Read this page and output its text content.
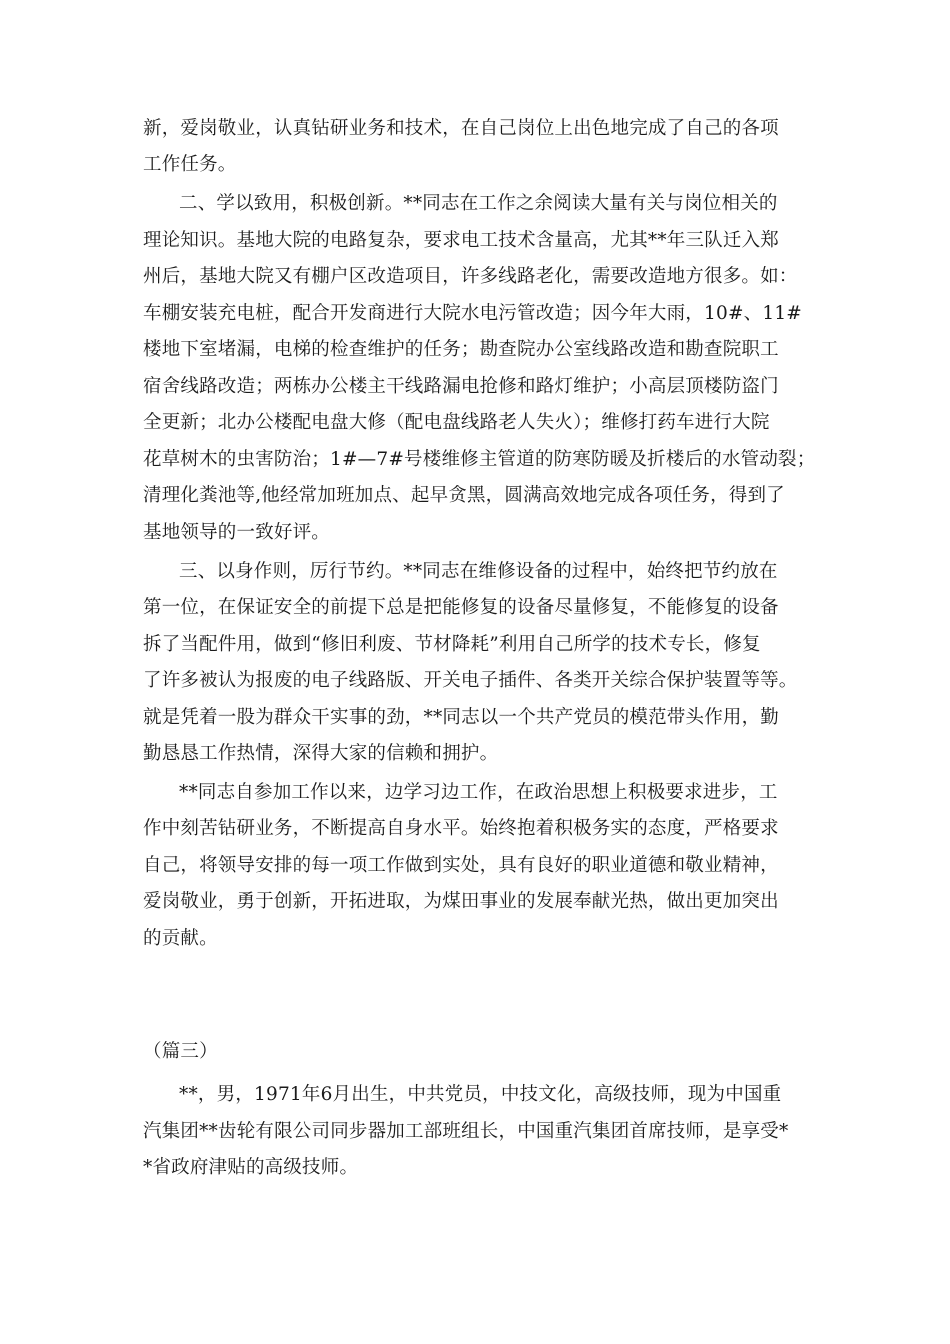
新，爱岗敬业，认真钻研业务和技术，在自己岗位上出色地完成了自己的各项
工作任务。
二、学以致用，积极创新。**同志在工作之余阅读大量有关与岗位相关的
理论知识。基地大院的电路复杂，要求电工技术含量高，尤其**年三队迁入郑
州后，基地大院又有棚户区改造项目，许多线路老化，需要改造地方很多。如：
车棚安装充电桩，配合开发商进行大院水电污管改造；因今年大雨，10#、11#
楼地下室堵漏，电梯的检查维护的任务；勘查院办公室线路改造和勘查院职工
宿舍线路改造；两栋办公楼主干线路漏电抢修和路灯维护；小高层顶楼防盗门
全更新；北办公楼配电盘大修（配电盘线路老人失火）；维修打药车进行大院
花草树木的虫害防治；1#—7#号楼维修主管道的防寒防暖及折楼后的水管动裂；
清理化粪池等,他经常加班加点、起早贪黑，圆满高效地完成各项任务，得到了
基地领导的一致好评。
三、以身作则，厉行节约。**同志在维修设备的过程中，始终把节约放在
第一位，在保证安全的前提下总是把能修复的设备尽量修复，不能修复的设备
拆了当配件用，做到“修旧利废、节材降耗”利用自己所学的技术专长，修复
了许多被认为报废的电子线路版、开关电子插件、各类开关综合保护装置等等。
就是凭着一股为群众干实事的劲，**同志以一个共产党员的模范带头作用，勤
勤恳恳工作热情，深得大家的信赖和拥护。
**同志自参加工作以来，边学习边工作，在政治思想上积极要求进步，工
作中刻苦钻研业务，不断提高自身水平。始终抱着积极务实的态度，严格要求
自己，将领导安排的每一项工作做到实处，具有良好的职业道德和敬业精神，
爱岗敬业，勇于创新，开拓进取，为煤田事业的发展奉献光热，做出更加突出
的贡献。
（篇三）
**，男，1971年6月出生，中共党员，中技文化，高级技师，现为中国重
汽集团**齿轮有限公司同步器加工部班组长，中国重汽集团首席技师，是享受*
*省政府津贴的高级技师。
